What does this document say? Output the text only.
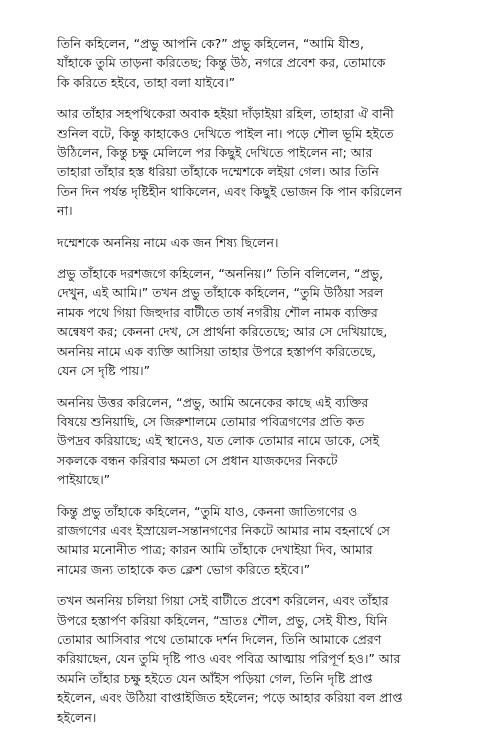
তিনি কহিলেন, “প্রভু আপনি কে?” প্রভু কহিলেন, “আমি যীশু,
যাঁহাকে তুমি তাড়না করিতেছ; কিন্তু উঠ, নগরে প্রবেশ কর, তোমাকে
কি করিতে হইবে, তাহা বলা যাইবে।”

আর তাঁহার সহপথিকেরা অবাক হইয়া দাঁড়াইয়া রহিল, তাহারা ঐ বানী
শুনিল বটে, কিন্তু কাহাকেও দেখিতে পাইল না। পড়ে শৌল ভূমি হইতে
উঠিলেন, কিন্তু চক্ষু মেলিলে পর কিছুই দেখিতে পাইলেন না; আর
তাহারা তাঁহার হস্ত ধরিয়া তাঁহাকে দম্মেশকে লইয়া গেল। আর তিনি
তিন দিন পর্যন্ত দৃষ্টিহীন থাকিলেন, এবং কিছুই ভোজন কি পান করিলেন
না।

দম্মেশকে অননিয় নামে এক জন শিষ্য ছিলেন।

প্রভু তাঁহাকে দরশজগে কহিলেন, “অননিয়।” তিনি বলিলেন, “প্রভু,
দেখুন, এই আমি।” তখন প্রভু তাঁহাকে কহিলেন, “তুমি উঠিয়া সরল
নামক পথে গিয়া জিহুদার বাটীতে তার্ষ নগরীয় শৌল নামক ব্যক্তির
অন্বেষণ কর; কেননা দেখ, সে প্রার্থনা করিতেছে; আর সে দেখিয়াছে,
অননিয় নামে এক ব্যক্তি আসিয়া তাহার উপরে হস্তার্পণ করিতেছে,
যেন সে দৃষ্টি পায়।”

অননিয় উত্তর করিলেন, “প্রভু, আমি অনেকের কাছে এই ব্যক্তির
বিষয়ে শুনিয়াছি, সে জিরুশালমে তোমার পবিত্রগণের প্রতি কত
উপদ্রব করিয়াছে; এই স্থানেও, যত লোক তোমার নামে ডাকে, সেই
সকলকে বন্ধন করিবার ক্ষমতা সে প্রধান যাজকদের নিকটে
পাইয়াছে।”

কিন্তু প্রভু তাঁহাকে কহিলেন, “তুমি যাও, কেননা জাতিগণের ও
রাজগণের এবং ইস্রায়েল-সন্তানগণের নিকটে আমার নাম বহনার্থে সে
আমার মনোনীত পাত্র; কারন আমি তাঁহাকে দেখাইয়া দিব, আমার
নামের জন্য তাহাকে কত ক্লেশ ভোগ করিতে হইবে।”

তখন অননিয় চলিয়া গিয়া সেই বাটীতে প্রবেশ করিলেন, এবং তাঁহার
উপরে হস্তার্পণ করিয়া কহিলেন, “ভ্রাতঃ শৌল, প্রভু, সেই যীশু, যিনি
তোমার আসিবার পথে তোমাকে দর্শন দিলেন, তিনি আমাকে প্রেরণ
করিয়াছেন, যেন তুমি দৃষ্টি পাও এবং পবিত্র আত্মায় পরিপূর্ণ হও।” আর
অমনি তাঁহার চক্ষু হইতে যেন আঁইস পড়িয়া গেল, তিনি দৃষ্টি প্রাপ্ত
হইলেন, এবং উঠিয়া বাপ্তাইজিত হইলেন; পড়ে আহার করিয়া বল প্রাপ্ত
হইলেন।
